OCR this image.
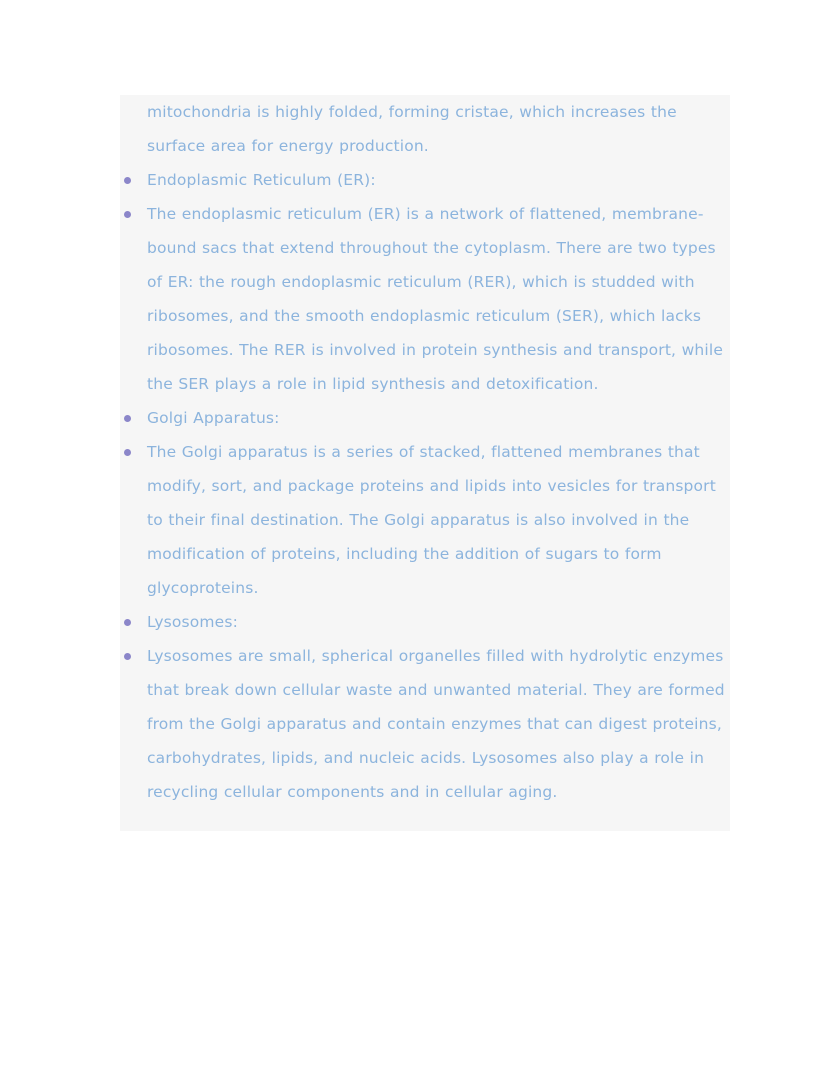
mitochondria is highly folded, forming cristae, which increases the surface area for energy production.
Endoplasmic Reticulum (ER):
The endoplasmic reticulum (ER) is a network of flattened, membrane-bound sacs that extend throughout the cytoplasm. There are two types of ER: the rough endoplasmic reticulum (RER), which is studded with ribosomes, and the smooth endoplasmic reticulum (SER), which lacks ribosomes. The RER is involved in protein synthesis and transport, while the SER plays a role in lipid synthesis and detoxification.
Golgi Apparatus:
The Golgi apparatus is a series of stacked, flattened membranes that modify, sort, and package proteins and lipids into vesicles for transport to their final destination. The Golgi apparatus is also involved in the modification of proteins, including the addition of sugars to form glycoproteins.
Lysosomes:
Lysosomes are small, spherical organelles filled with hydrolytic enzymes that break down cellular waste and unwanted material. They are formed from the Golgi apparatus and contain enzymes that can digest proteins, carbohydrates, lipids, and nucleic acids. Lysosomes also play a role in recycling cellular components and in cellular aging.
